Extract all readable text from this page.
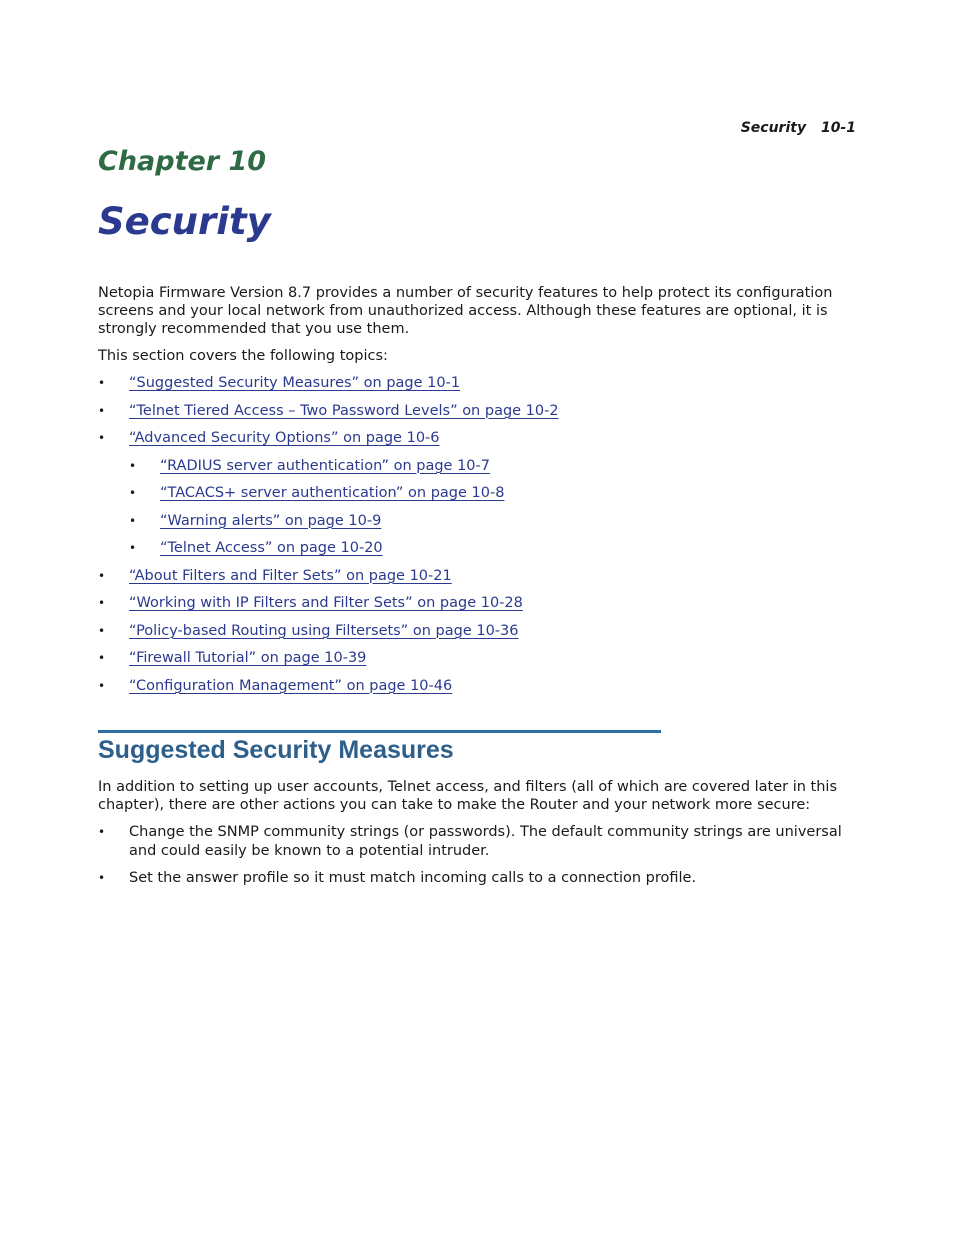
Security 10-1
Chapter 10
Security

Netopia Firmware Version 8.7 provides a number of security features to help protect its configuration screens and your local network from unauthorized access. Although these features are optional, it is strongly recommended that you use them.

This section covers the following topics:

• “Suggested Security Measures” on page 10-1
• “Telnet Tiered Access – Two Password Levels” on page 10-2
• “Advanced Security Options” on page 10-6
• “RADIUS server authentication” on page 10-7
• “TACACS+ server authentication” on page 10-8
• “Warning alerts” on page 10-9
• “Telnet Access” on page 10-20
• “About Filters and Filter Sets” on page 10-21
• “Working with IP Filters and Filter Sets” on page 10-28
• “Policy-based Routing using Filtersets” on page 10-36
• “Firewall Tutorial” on page 10-39
• “Configuration Management” on page 10-46
Suggested Security Measures

In addition to setting up user accounts, Telnet access, and filters (all of which are covered later in this chapter), there are other actions you can take to make the Router and your network more secure:

• Change the SNMP community strings (or passwords). The default community strings are universal and could easily be known to a potential intruder.
• Set the answer profile so it must match incoming calls to a connection profile.
